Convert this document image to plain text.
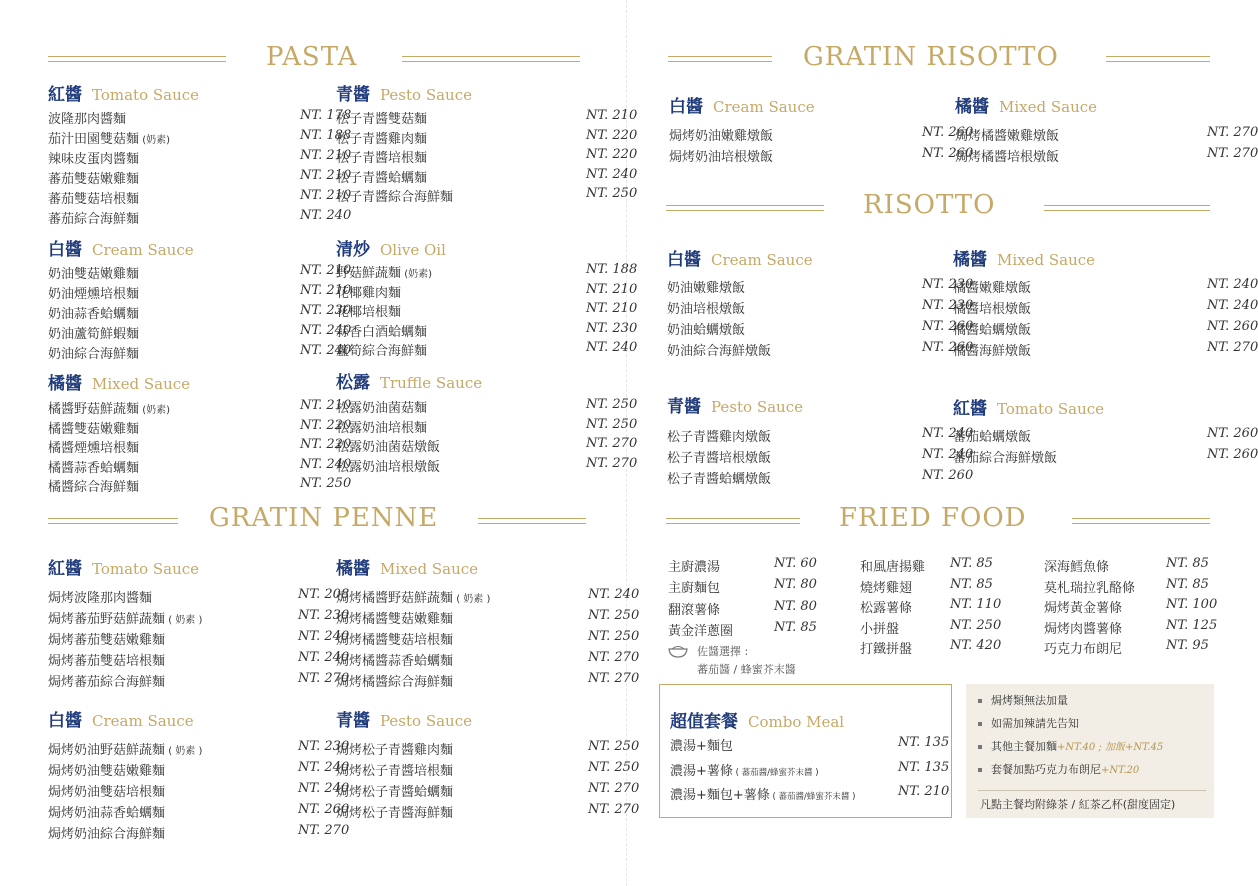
PASTA
GRATIN PENNE
GRATIN RISOTTO
RISOTTO
FRIED FOOD
紅醬 Tomato Sauce
波隆那肉醬麵	NT. 178
茄汁田園雙菇麵 (奶素)	NT. 188
辣味皮蛋肉醬麵	NT. 210
蕃茄雙菇嫩雞麵	NT. 210
蕃茄雙菇培根麵	NT. 210
蕃茄綜合海鮮麵	NT. 240
白醬 Cream Sauce
奶油雙菇嫩雞麵	NT. 210
奶油煙燻培根麵	NT. 210
奶油蒜香蛤蠣麵	NT. 230
奶油蘆筍鮮蝦麵	NT. 240
奶油綜合海鮮麵	NT. 240
橘醬 Mixed Sauce
橘醬野菇鮮蔬麵 (奶素)	NT. 210
橘醬雙菇嫩雞麵	NT. 220
橘醬煙燻培根麵	NT. 220
橘醬蒜香蛤蠣麵	NT. 240
橘醬綜合海鮮麵	NT. 250
青醬 Pesto Sauce
松子青醬雙菇麵	NT. 210
松子青醬雞肉麵	NT. 220
松子青醬培根麵	NT. 220
松子青醬蛤蠣麵	NT. 240
松子青醬綜合海鮮麵	NT. 250
清炒 Olive Oil
野菇鮮蔬麵 (奶素)	NT. 188
花椰雞肉麵	NT. 210
花椰培根麵	NT. 210
蒜香白酒蛤蠣麵	NT. 230
蘆筍綜合海鮮麵	NT. 240
松露 Truffle Sauce
松露奶油菌菇麵	NT. 250
松露奶油培根麵	NT. 250
松露奶油菌菇燉飯	NT. 270
松露奶油培根燉飯	NT. 270
紅醬 Tomato Sauce
焗烤波隆那肉醬麵	NT. 208
焗烤蕃茄野菇鮮蔬麵 ( 奶素 )	NT. 230
焗烤蕃茄雙菇嫩雞麵	NT. 240
焗烤蕃茄雙菇培根麵	NT. 240
焗烤蕃茄綜合海鮮麵	NT. 270
白醬 Cream Sauce
焗烤奶油野菇鮮蔬麵 ( 奶素 )	NT. 230
焗烤奶油雙菇嫩雞麵	NT. 240
焗烤奶油雙菇培根麵	NT. 240
焗烤奶油蒜香蛤蠣麵	NT. 260
焗烤奶油綜合海鮮麵	NT. 270
橘醬 Mixed Sauce
焗烤橘醬野菇鮮蔬麵 ( 奶素 )	NT. 240
焗烤橘醬雙菇嫩雞麵	NT. 250
焗烤橘醬雙菇培根麵	NT. 250
焗烤橘醬蒜香蛤蠣麵	NT. 270
焗烤橘醬綜合海鮮麵	NT. 270
青醬 Pesto Sauce
焗烤松子青醬雞肉麵	NT. 250
焗烤松子青醬培根麵	NT. 250
焗烤松子青醬蛤蠣麵	NT. 270
焗烤松子青醬海鮮麵	NT. 270
白醬 Cream Sauce
焗烤奶油嫩雞燉飯	NT. 260
焗烤奶油培根燉飯	NT. 260
橘醬 Mixed Sauce
焗烤橘醬嫩雞燉飯	NT. 270
焗烤橘醬培根燉飯	NT. 270
白醬 Cream Sauce
奶油嫩雞燉飯	NT. 230
奶油培根燉飯	NT. 230
奶油蛤蠣燉飯	NT. 260
奶油綜合海鮮燉飯	NT. 260
橘醬 Mixed Sauce
橘醬嫩雞燉飯	NT. 240
橘醬培根燉飯	NT. 240
橘醬蛤蠣燉飯	NT. 260
橘醬海鮮燉飯	NT. 270
青醬 Pesto Sauce
松子青醬雞肉燉飯	NT. 240
松子青醬培根燉飯	NT. 240
松子青醬蛤蠣燉飯	NT. 260
紅醬 Tomato Sauce
蕃茄蛤蠣燉飯	NT. 260
蕃茄綜合海鮮燉飯	NT. 260
主廚濃湯	NT. 60
主廚麵包	NT. 80
翻滾薯條	NT. 80
黃金洋蔥圈	NT. 85
和風唐揚雞 NT. 85
燒烤雞翅	NT. 85
松露薯條	NT. 110
小拼盤	NT. 250
打鐵拼盤	NT. 420
深海鱈魚條	NT. 85
莫札瑞拉乳酪條 NT. 85
焗烤黃金薯條	NT. 100
焗烤肉醬薯條	NT. 125
巧克力布朗尼	NT. 95
佐醬選擇 :
蕃茄醬 / 蜂蜜芥末醬
超值套餐 Combo Meal
濃湯+麵包	NT. 135
濃湯+薯條 ( 蕃茄醬/蜂蜜芥末醬 )	NT. 135
濃湯+麵包+薯條 ( 蕃茄醬/蜂蜜芥末醬 )	NT. 210
焗烤類無法加量
如需加辣請先告知
其他主餐加麵+NT.40 ; 加飯+NT.45
套餐加點巧克力布朗尼+NT.20
凡點主餐均附綠茶 / 紅茶乙杯(甜度固定)
